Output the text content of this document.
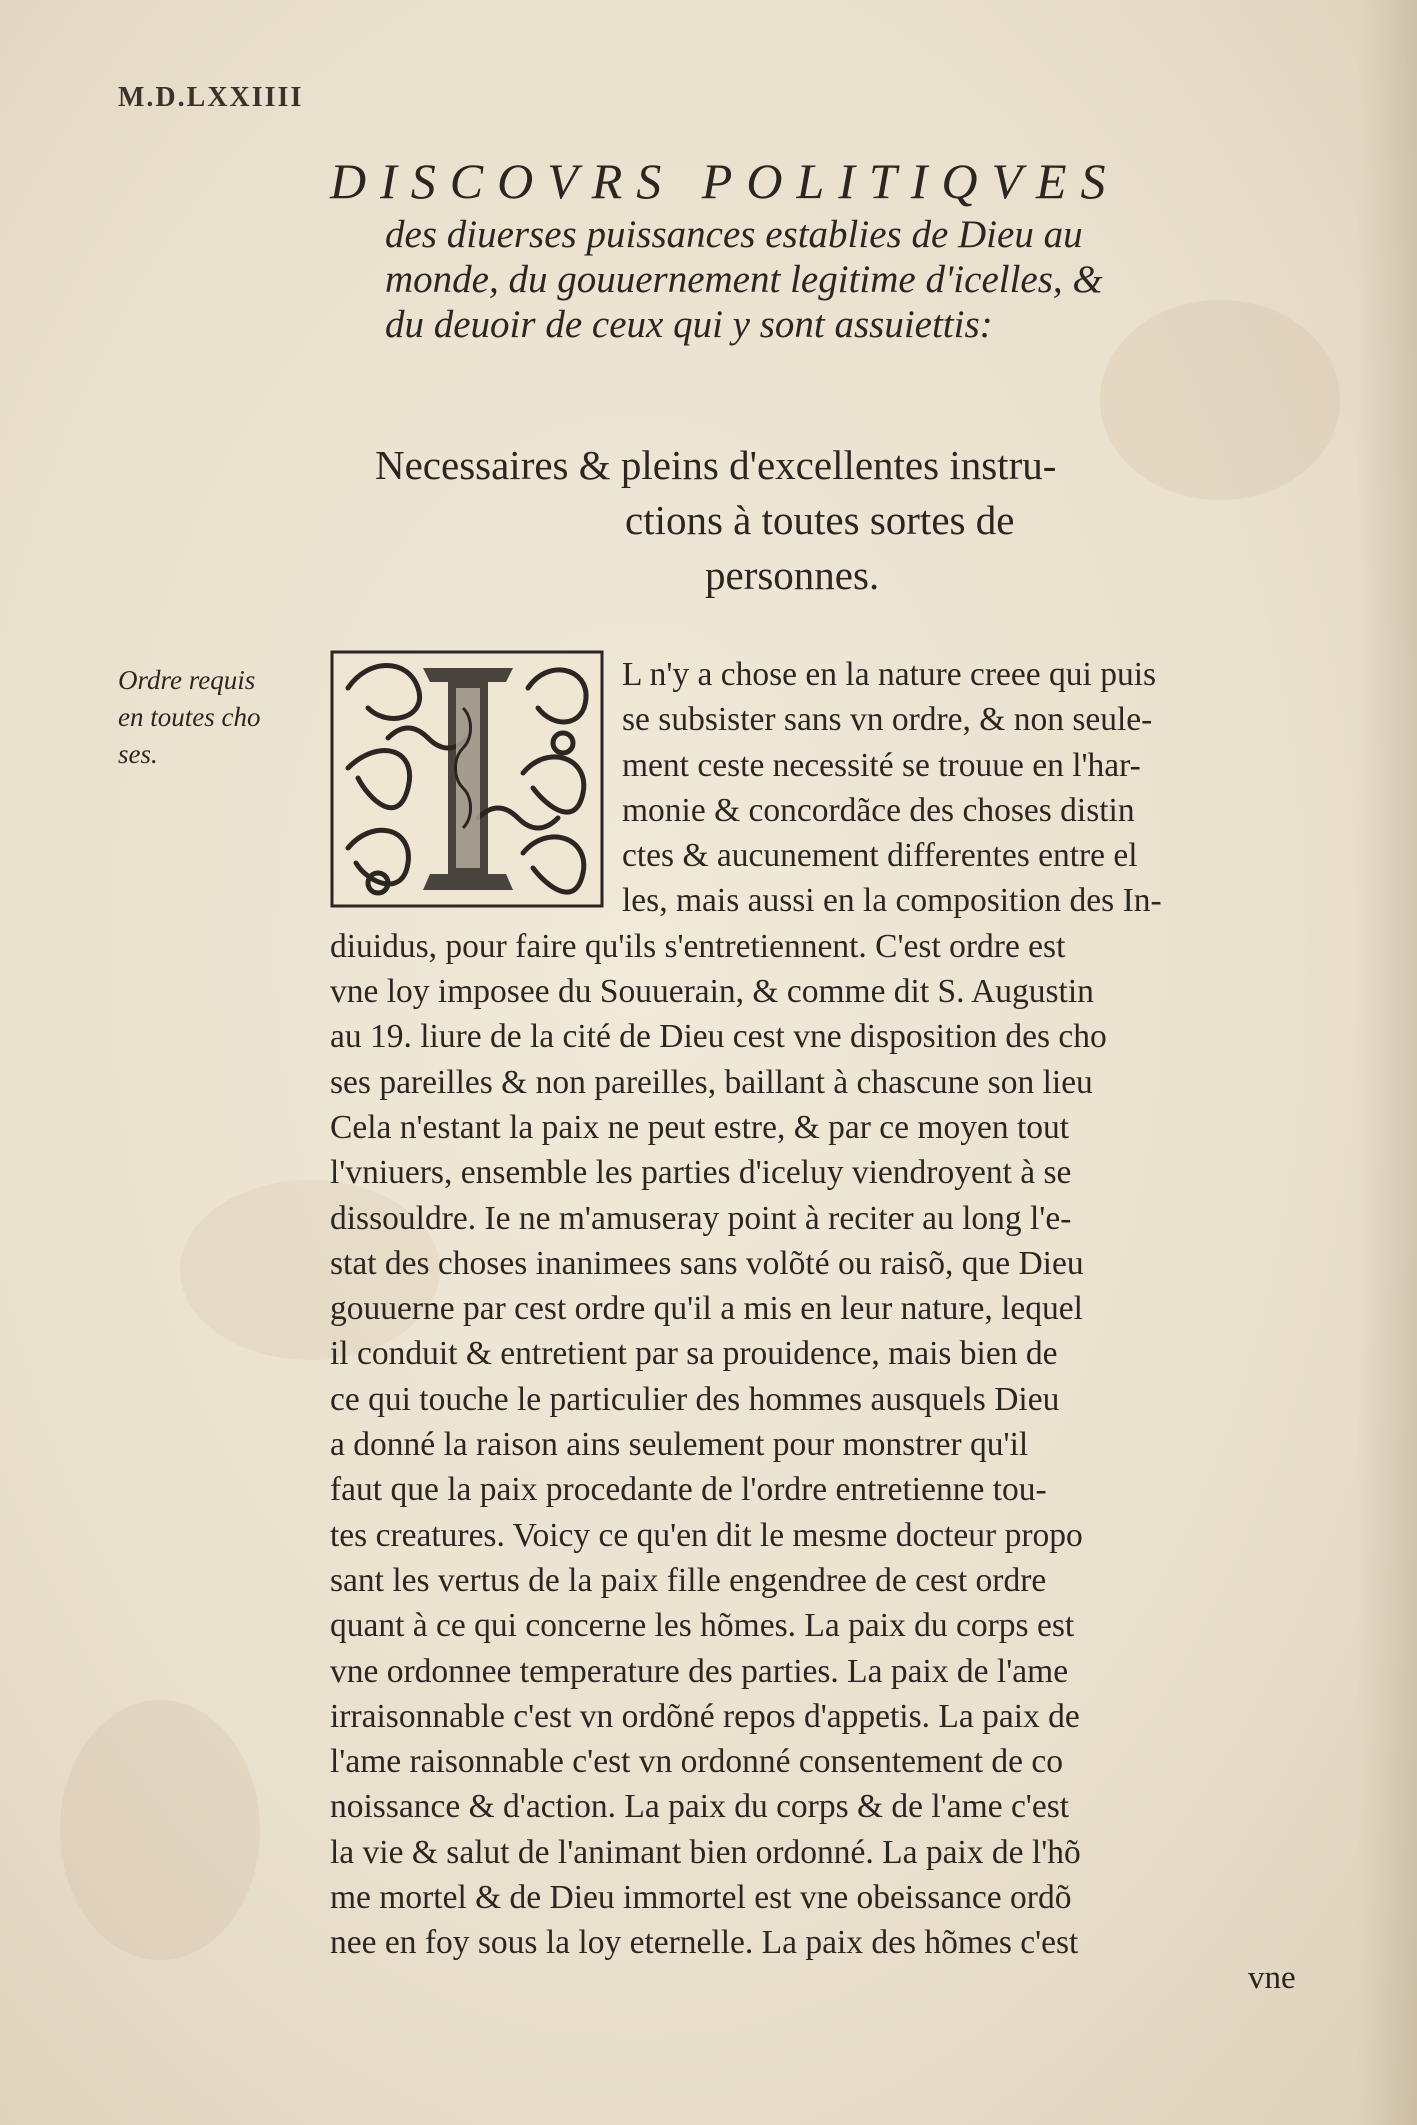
M.D.LXXIIII
DISCOVRS POLITIQVES
des diuerses puissances establies de Dieu au
monde, du gouuernement legitime d'icelles, &
du deuoir de ceux qui y sont assuiettis:
Necessaires & pleins d'excellentes instru-
ctions à toutes sortes de
personnes.
Ordre requis
en toutes cho
ses.
L n'y a chose en la nature creee qui puis
se subsister sans vn ordre, & non seule-
ment ceste necessité se trouue en l'har-
monie & concordãce des choses distin
ctes & aucunement differentes entre el
les, mais aussi en la composition des In-
diuidus, pour faire qu'ils s'entretiennent. C'est ordre est
vne loy imposee du Souuerain, & comme dit S. Augustin
au 19. liure de la cité de Dieu cest vne disposition des cho
ses pareilles & non pareilles, baillant à chascune son lieu
Cela n'estant la paix ne peut estre, & par ce moyen tout
l'vniuers, ensemble les parties d'iceluy viendroyent à se
dissouldre. Ie ne m'amuseray point à reciter au long l'e-
stat des choses inanimees sans volõté ou raisõ, que Dieu
gouuerne par cest ordre qu'il a mis en leur nature, lequel
il conduit & entretient par sa prouidence, mais bien de
ce qui touche le particulier des hommes ausquels Dieu
a donné la raison ains seulement pour monstrer qu'il
faut que la paix procedante de l'ordre entretienne tou-
tes creatures. Voicy ce qu'en dit le mesme docteur propo
sant les vertus de la paix fille engendree de cest ordre
quant à ce qui concerne les hõmes. La paix du corps est
vne ordonnee temperature des parties. La paix de l'ame
irraisonnable c'est vn ordõné repos d'appetis. La paix de
l'ame raisonnable c'est vn ordonné consentement de co
noissance & d'action. La paix du corps & de l'ame c'est
la vie & salut de l'animant bien ordonné. La paix de l'hõ
me mortel & de Dieu immortel est vne obeissance ordõ
nee en foy sous la loy eternelle. La paix des hõmes c'est
vne
